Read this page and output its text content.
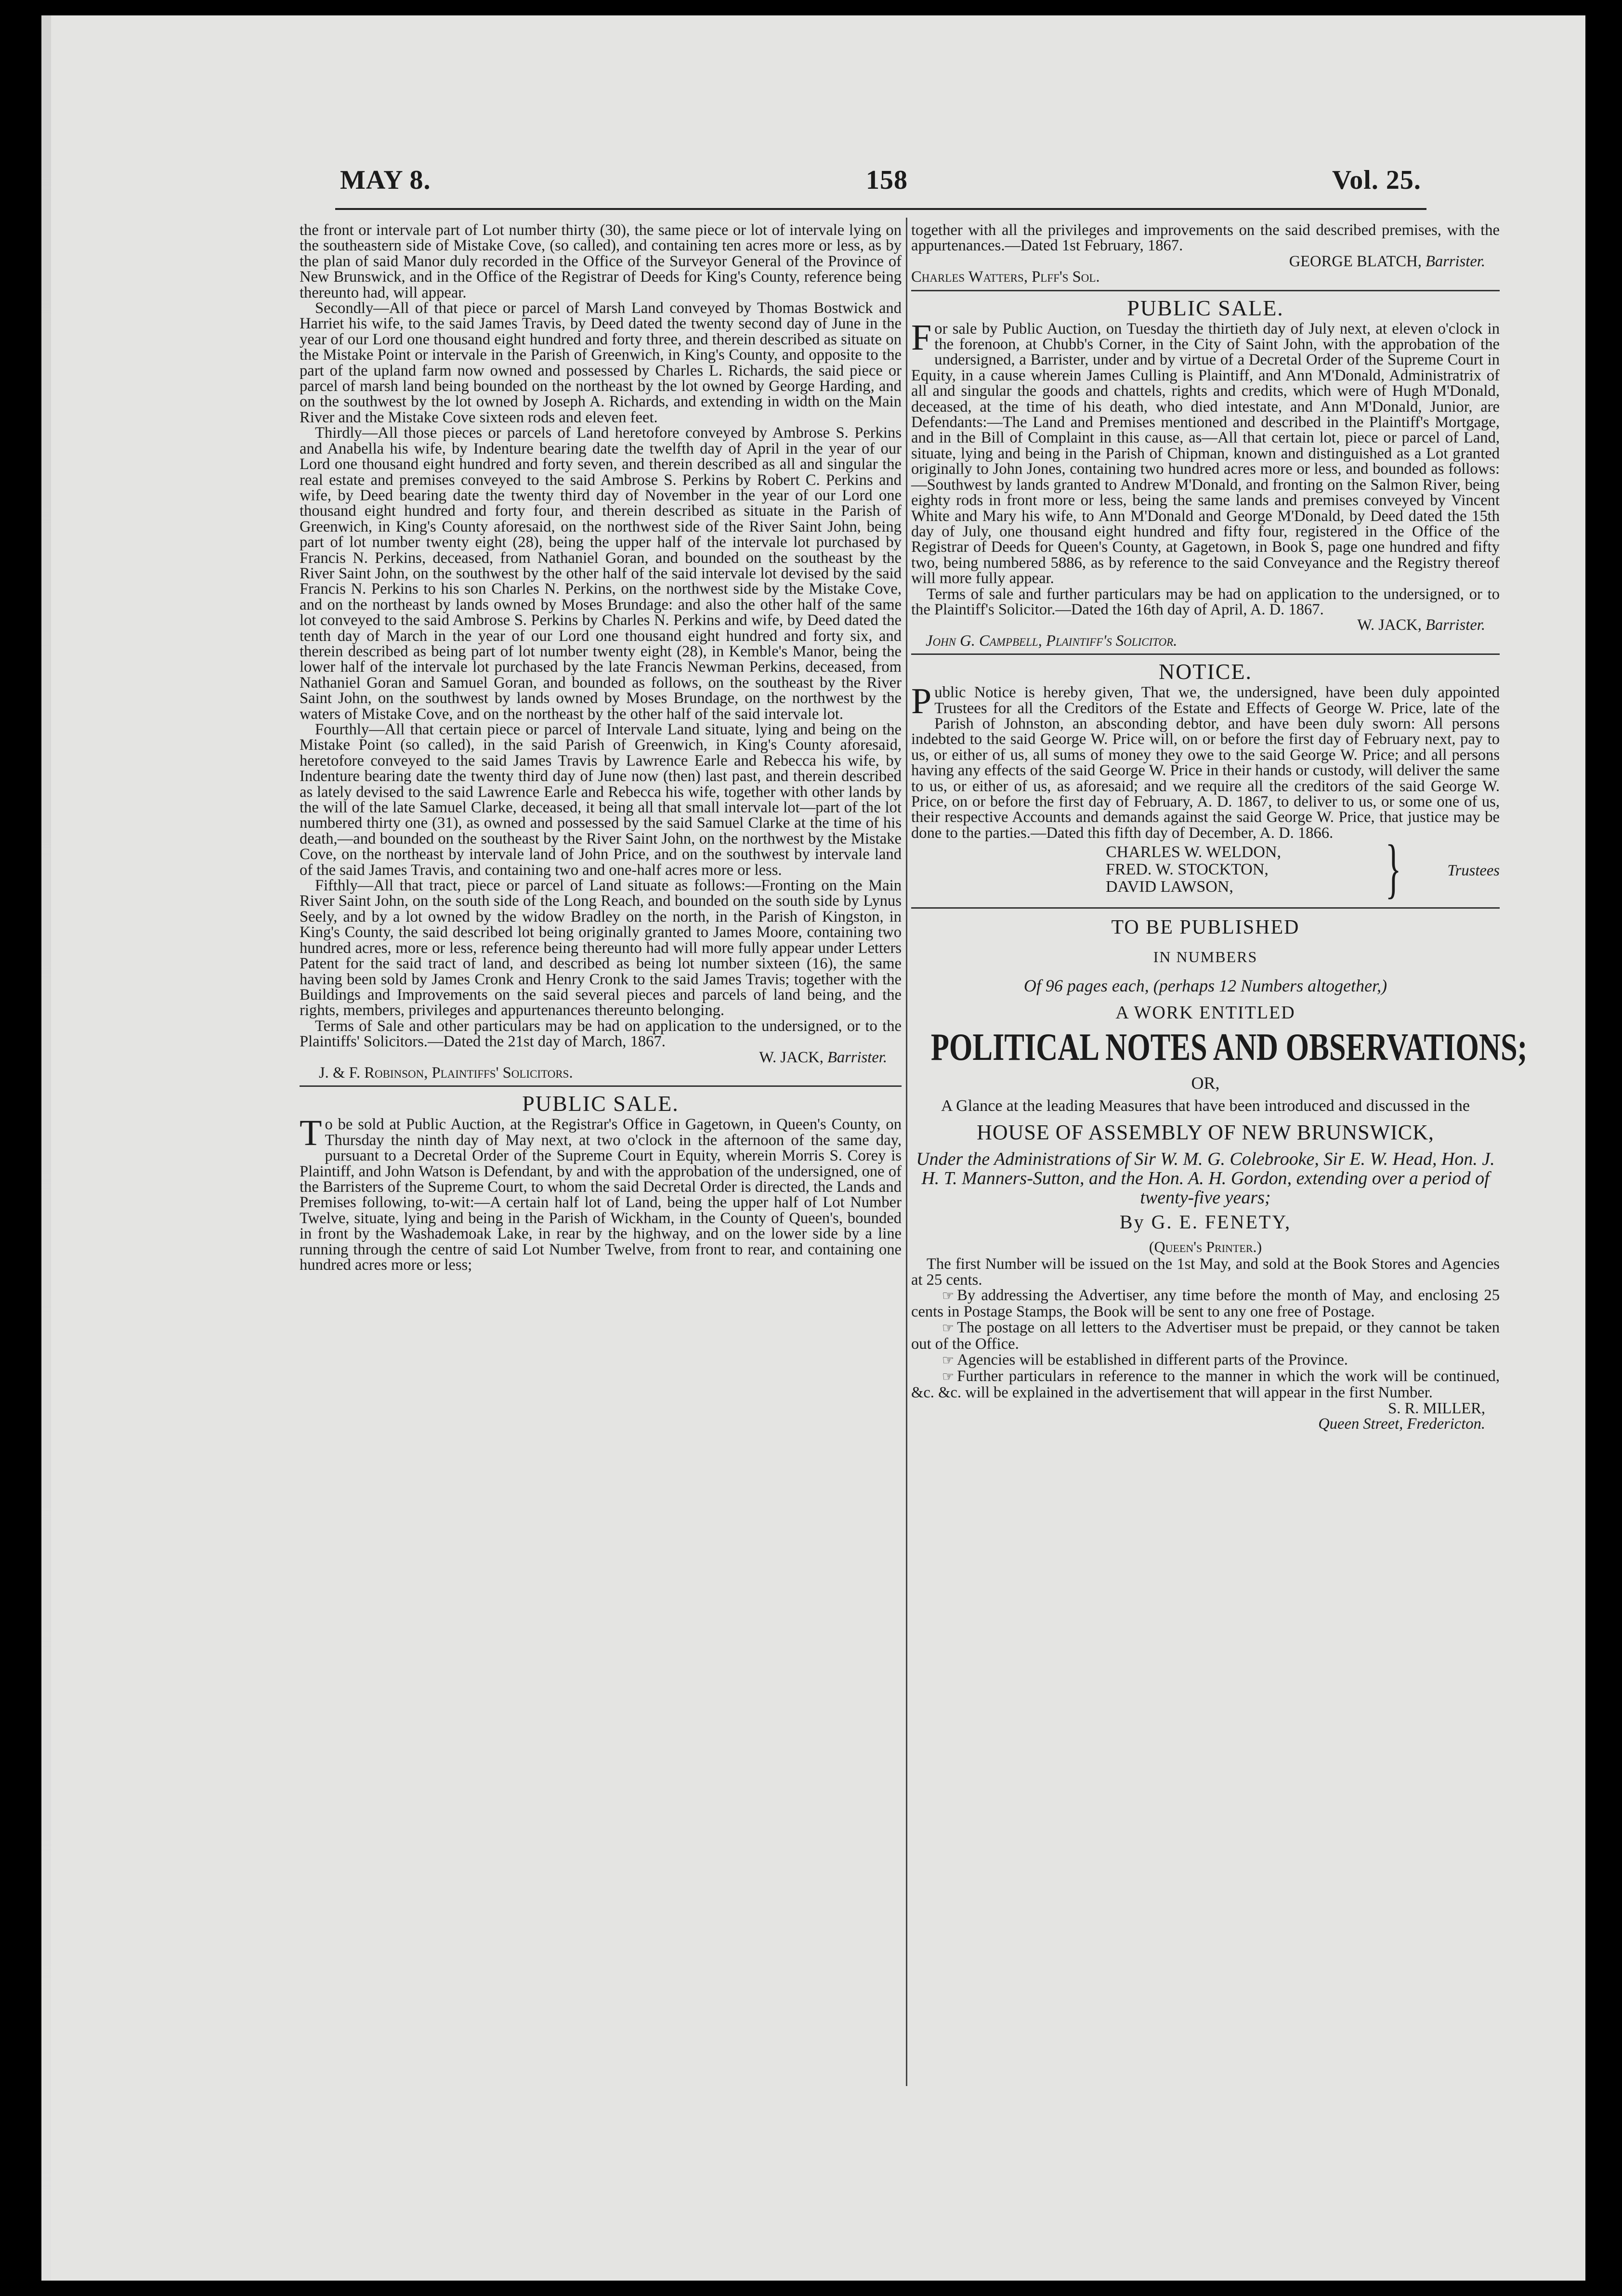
MAY 8.	158	Vol. 25.

the front or intervale part of Lot number thirty (30), the same piece or lot of intervale lying on the southeastern side of Mistake Cove, (so called), and containing ten acres more or less, as by the plan of said Manor duly recorded in the Office of the Surveyor General of the Province of New Brunswick, and in the Office of the Registrar of Deeds for King's County, reference being thereunto had, will appear.

Secondly—All of that piece or parcel of Marsh Land conveyed by Thomas Bostwick and Harriet his wife, to the said James Travis, by Deed dated the twenty second day of June in the year of our Lord one thousand eight hundred and forty three, and therein described as situate on the Mistake Point or intervale in the Parish of Greenwich, in King's County, and opposite to the part of the upland farm now owned and possessed by Charles L. Richards, the said piece or parcel of marsh land being bounded on the northeast by the lot owned by George Harding, and on the southwest by the lot owned by Joseph A. Richards, and extending in width on the Main River and the Mistake Cove sixteen rods and eleven feet.

Thirdly—All those pieces or parcels of Land heretofore conveyed by Ambrose S. Perkins and Anabella his wife, by Indenture bearing date the twelfth day of April in the year of our Lord one thousand eight hundred and forty seven, and therein described as all and singular the real estate and premises conveyed to the said Ambrose S. Perkins by Robert C. Perkins and wife, by Deed bearing date the twenty third day of November in the year of our Lord one thousand eight hundred and forty four, and therein described as situate in the Parish of Greenwich, in King's County aforesaid, on the northwest side of the River Saint John, being part of lot number twenty eight (28), being the upper half of the intervale lot purchased by Francis N. Perkins, deceased, from Nathaniel Goran, and bounded on the southeast by the River Saint John, on the southwest by the other half of the said intervale lot devised by the said Francis N. Perkins to his son Charles N. Perkins, on the northwest side by the Mistake Cove, and on the northeast by lands owned by Moses Brundage: and also the other half of the same lot conveyed to the said Ambrose S. Perkins by Charles N. Perkins and wife, by Deed dated the tenth day of March in the year of our Lord one thousand eight hundred and forty six, and therein described as being part of lot number twenty eight (28), in Kemble's Manor, being the lower half of the intervale lot purchased by the late Francis Newman Perkins, deceased, from Nathaniel Goran and Samuel Goran, and bounded as follows, on the southeast by the River Saint John, on the southwest by lands owned by Moses Brundage, on the northwest by the waters of Mistake Cove, and on the northeast by the other half of the said intervale lot.

Fourthly—All that certain piece or parcel of Intervale Land situate, lying and being on the Mistake Point (so called), in the said Parish of Greenwich, in King's County aforesaid, heretofore conveyed to the said James Travis by Lawrence Earle and Rebecca his wife, by Indenture bearing date the twenty third day of June now (then) last past, and therein described as lately devised to the said Lawrence Earle and Rebecca his wife, together with other lands by the will of the late Samuel Clarke, deceased, it being all that small intervale lot—part of the lot numbered thirty one (31), as owned and possessed by the said Samuel Clarke at the time of his death,—and bounded on the southeast by the River Saint John, on the northwest by the Mistake Cove, on the northeast by intervale land of John Price, and on the southwest by intervale land of the said James Travis, and containing two and one-half acres more or less.

Fifthly—All that tract, piece or parcel of Land situate as follows:—Fronting on the Main River Saint John, on the south side of the Long Reach, and bounded on the south side by Lynus Seely, and by a lot owned by the widow Bradley on the north, in the Parish of Kingston, in King's County, the said described lot being originally granted to James Moore, containing two hundred acres, more or less, reference being thereunto had will more fully appear under Letters Patent for the said tract of land, and described as being lot number sixteen (16), the same having been sold by James Cronk and Henry Cronk to the said James Travis; together with the Buildings and Improvements on the said several pieces and parcels of land being, and the rights, members, privileges and appurtenances thereunto belonging.

Terms of Sale and other particulars may be had on application to the undersigned, or to the Plaintiffs' Solicitors.—Dated the 21st day of March, 1867.

W. JACK, Barrister.

J. & F. Robinson, Plaintiffs' Solicitors.

PUBLIC SALE.

To be sold at Public Auction, at the Registrar's Office in Gagetown, in Queen's County, on Thursday the ninth day of May next, at two o'clock in the afternoon of the same day, pursuant to a Decretal Order of the Supreme Court in Equity, wherein Morris S. Corey is Plaintiff, and John Watson is Defendant, by and with the approbation of the undersigned, one of the Barristers of the Supreme Court, to whom the said Decretal Order is directed, the Lands and Premises following, to-wit:—A certain half lot of Land, being the upper half of Lot Number Twelve, situate, lying and being in the Parish of Wickham, in the County of Queen's, bounded in front by the Washademoak Lake, in rear by the highway, and on the lower side by a line running through the centre of said Lot Number Twelve, from front to rear, and containing one hundred acres more or less;

together with all the privileges and improvements on the said described premises, with the appurtenances.—Dated 1st February, 1867.

GEORGE BLATCH, Barrister.

Charles Watters, Plff's Sol.

PUBLIC SALE.

For sale by Public Auction, on Tuesday the thirtieth day of July next, at eleven o'clock in the forenoon, at Chubb's Corner, in the City of Saint John, with the approbation of the undersigned, a Barrister, under and by virtue of a Decretal Order of the Supreme Court in Equity, in a cause wherein James Culling is Plaintiff, and Ann M'Donald, Administratrix of all and singular the goods and chattels, rights and credits, which were of Hugh M'Donald, deceased, at the time of his death, who died intestate, and Ann M'Donald, Junior, are Defendants:—The Land and Premises mentioned and described in the Plaintiff's Mortgage, and in the Bill of Complaint in this cause, as—All that certain lot, piece or parcel of Land, situate, lying and being in the Parish of Chipman, known and distinguished as a Lot granted originally to John Jones, containing two hundred acres more or less, and bounded as follows:—Southwest by lands granted to Andrew M'Donald, and fronting on the Salmon River, being eighty rods in front more or less, being the same lands and premises conveyed by Vincent White and Mary his wife, to Ann M'Donald and George M'Donald, by Deed dated the 15th day of July, one thousand eight hundred and fifty four, registered in the Office of the Registrar of Deeds for Queen's County, at Gagetown, in Book S, page one hundred and fifty two, being numbered 5886, as by reference to the said Conveyance and the Registry thereof will more fully appear.

Terms of sale and further particulars may be had on application to the undersigned, or to the Plaintiff's Solicitor.—Dated the 16th day of April, A. D. 1867.

W. JACK, Barrister.

John G. Campbell, Plaintiff's Solicitor.

NOTICE.

Public Notice is hereby given, That we, the undersigned, have been duly appointed Trustees for all the Creditors of the Estate and Effects of George W. Price, late of the Parish of Johnston, an absconding debtor, and have been duly sworn: All persons indebted to the said George W. Price will, on or before the first day of February next, pay to us, or either of us, all sums of money they owe to the said George W. Price; and all persons having any effects of the said George W. Price in their hands or custody, will deliver the same to us, or either of us, as aforesaid; and we require all the creditors of the said George W. Price, on or before the first day of February, A. D. 1867, to deliver to us, or some one of us, their respective Accounts and demands against the said George W. Price, that justice may be done to the parties.—Dated this fifth day of December, A. D. 1866.

CHARLES W. WELDON,
FRED. W. STOCKTON,
DAVID LAWSON,	}	Trustees
TO BE PUBLISHED
IN NUMBERS
Of 96 pages each, (perhaps 12 Numbers altogether,)
A WORK ENTITLED
POLITICAL NOTES AND OBSERVATIONS;
OR,
A Glance at the leading Measures that have been introduced and discussed in the
HOUSE OF ASSEMBLY OF NEW BRUNSWICK,
Under the Administrations of Sir W. M. G. Colebrooke, Sir E. W. Head, Hon. J. H. T. Manners-Sutton, and the Hon. A. H. Gordon, extending over a period of twenty-five years;
By G. E. FENETY,
(Queen's Printer.)

The first Number will be issued on the 1st May, and sold at the Book Stores and Agencies at 25 cents.

☞ By addressing the Advertiser, any time before the month of May, and enclosing 25 cents in Postage Stamps, the Book will be sent to any one free of Postage.

☞ The postage on all letters to the Advertiser must be prepaid, or they cannot be taken out of the Office.

☞ Agencies will be established in different parts of the Province.

☞ Further particulars in reference to the manner in which the work will be continued, &c. &c. will be explained in the advertisement that will appear in the first Number.

S. R. MILLER,

Queen Street, Fredericton.
